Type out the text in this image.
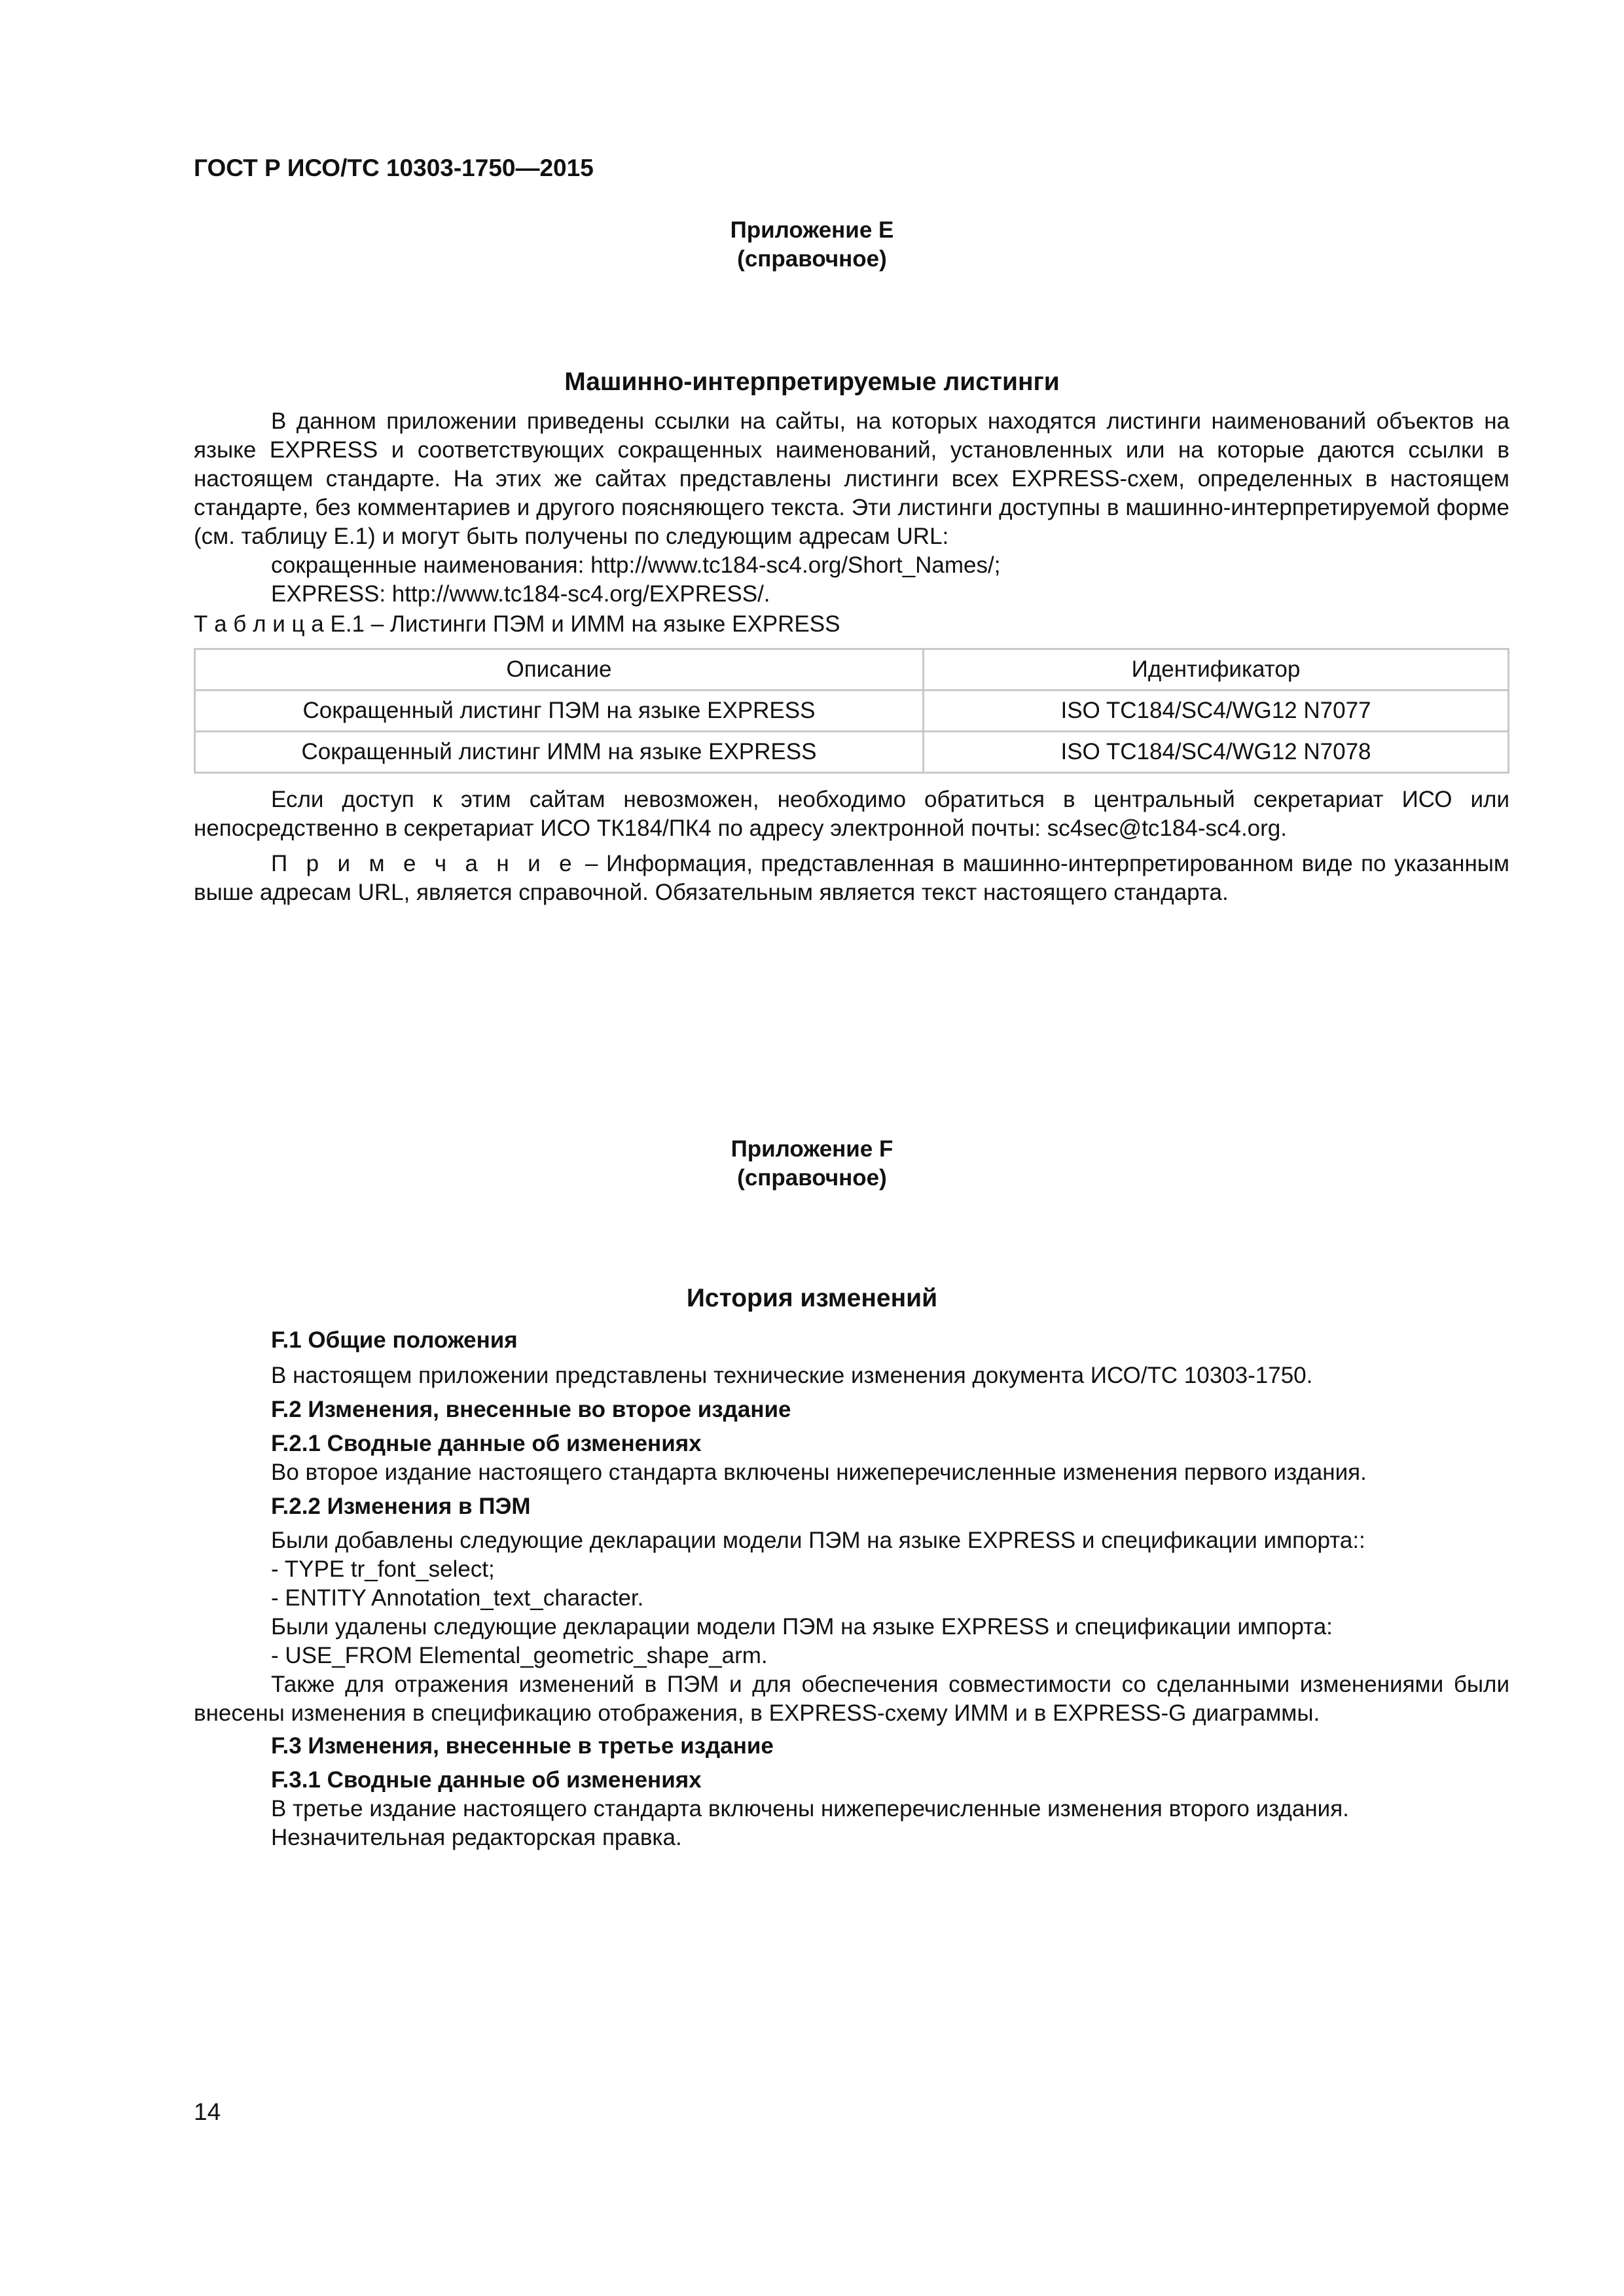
ГОСТ Р ИСО/ТС 10303-1750—2015
Приложение Е
(справочное)
Машинно-интерпретируемые листинги
В данном приложении приведены ссылки на сайты, на которых находятся листинги наименований объектов на языке EXPRESS и соответствующих сокращенных наименований, установленных или на которые даются ссылки в настоящем стандарте. На этих же сайтах представлены листинги всех EXPRESS-схем, определенных в настоящем стандарте, без комментариев и другого поясняющего текста. Эти листинги доступны в машинно-интерпретируемой форме (см. таблицу Е.1) и могут быть получены по следующим адресам URL:
сокращенные наименования: http://www.tc184-sc4.org/Short_Names/;
EXPRESS: http://www.tc184-sc4.org/EXPRESS/.
Т а б л и ц а Е.1 – Листинги ПЭМ и ИММ на языке EXPRESS
Описание	Идентификатор
Сокращенный листинг ПЭМ на языке EXPRESS	ISO TC184/SC4/WG12 N7077
Сокращенный листинг ИММ на языке EXPRESS	ISO TC184/SC4/WG12 N7078
Если доступ к этим сайтам невозможен, необходимо обратиться в центральный секретариат ИСО или непосредственно в секретариат ИСО ТК184/ПК4 по адресу электронной почты: sc4sec@tc184-sc4.org.
П р и м е ч а н и е – Информация, представленная в машинно-интерпретированном виде по указанным выше адресам URL, является справочной. Обязательным является текст настоящего стандарта.
Приложение F
(справочное)
История изменений
F.1 Общие положения
В настоящем приложении представлены технические изменения документа ИСО/ТС 10303-1750.
F.2 Изменения, внесенные во второе издание
F.2.1 Сводные данные об изменениях
Во второе издание настоящего стандарта включены нижеперечисленные изменения первого издания.
F.2.2 Изменения в ПЭМ
Были добавлены следующие декларации модели ПЭМ на языке EXPRESS и спецификации импорта::
- TYPE tr_font_select;
- ENTITY Annotation_text_character.
Были удалены следующие декларации модели ПЭМ на языке EXPRESS и спецификации импорта:
- USE_FROM Elemental_geometric_shape_arm.
Также для отражения изменений в ПЭМ и для обеспечения совместимости со сделанными изменениями были внесены изменения в спецификацию отображения, в EXPRESS-схему ИММ и в EXPRESS-G диаграммы.
F.3 Изменения, внесенные в третье издание
F.3.1 Сводные данные об изменениях
В третье издание настоящего стандарта включены нижеперечисленные изменения второго издания.
Незначительная редакторская правка.
14
